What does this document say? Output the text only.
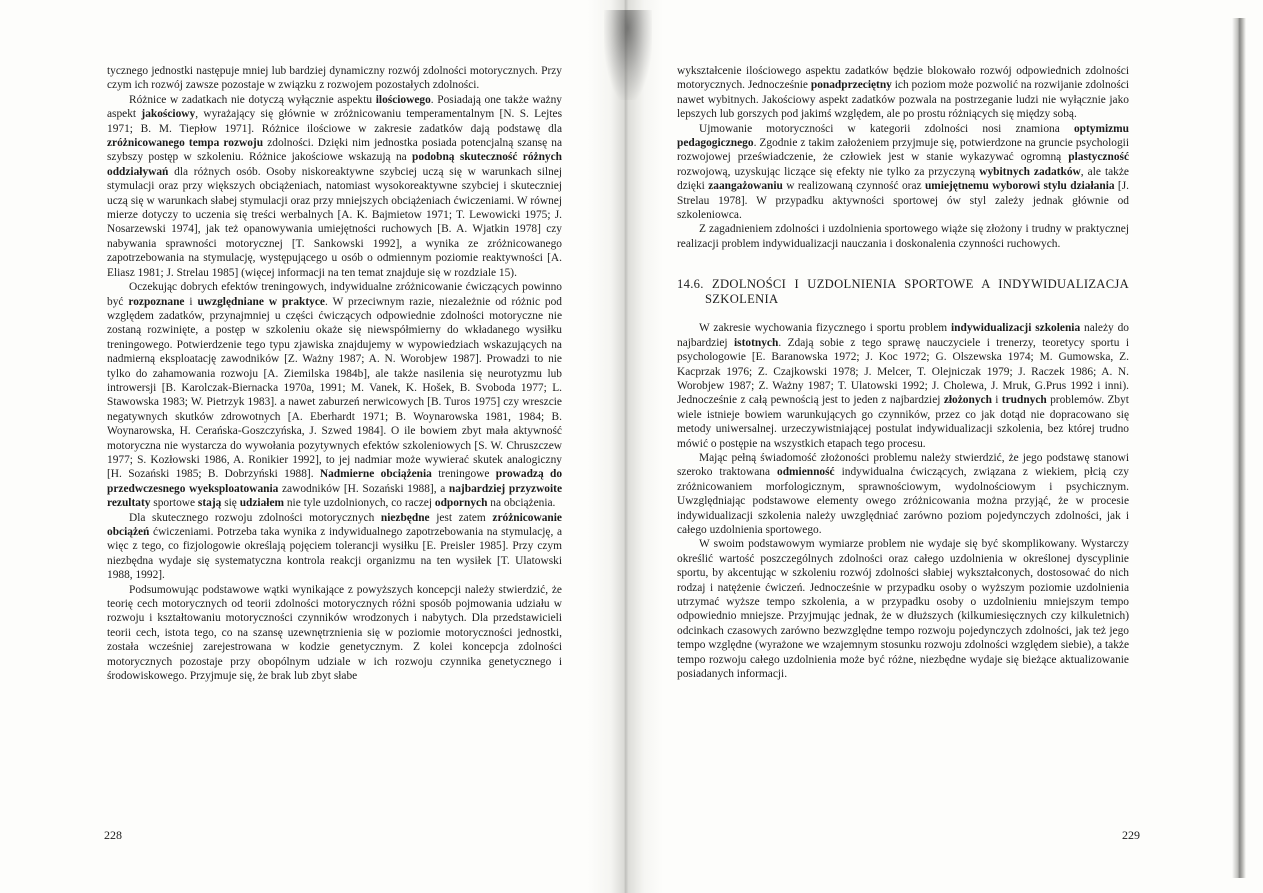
tycznego jednostki następuje mniej lub bardziej dynamiczny rozwój zdolności motorycznych. Przy czym ich rozwój zawsze pozostaje w związku z rozwojem pozostałych zdolności.

Różnice w zadatkach nie dotyczą wyłącznie aspektu ilościowego. Posiadają one także ważny aspekt jakościowy, wyrażający się głównie w zróżnicowaniu temperamentalnym [N. S. Lejtes 1971; B. M. Tiepłow 1971]. Różnice ilościowe w zakresie zadatków dają podstawę dla zróżnicowanego tempa rozwoju zdolności. Dzięki nim jednostka posiada potencjalną szansę na szybszy postęp w szkoleniu. Różnice jakościowe wskazują na podobną skuteczność różnych oddziaływań dla różnych osób. Osoby niskoreaktywne szybciej uczą się w warunkach silnej stymulacji oraz przy większych obciążeniach, natomiast wysokoreaktywne szybciej i skuteczniej uczą się w warunkach słabej stymulacji oraz przy mniejszych obciążeniach ćwiczeniami. W równej mierze dotyczy to uczenia się treści werbalnych [A. K. Bajmietow 1971; T. Lewowicki 1975; J. Nosarzewski 1974], jak też opanowywania umiejętności ruchowych [B. A. Wjatkin 1978] czy nabywania sprawności motorycznej [T. Sankowski 1992], a wynika ze zróżnicowanego zapotrzebowania na stymulację, występującego u osób o odmiennym poziomie reaktywności [A. Eliasz 1981; J. Strelau 1985] (więcej informacji na ten temat znajduje się w rozdziale 15).

Oczekując dobrych efektów treningowych, indywidualne zróżnicowanie ćwiczących powinno być rozpoznane i uwzględniane w praktyce. W przeciwnym razie, niezależnie od różnic pod względem zadatków, przynajmniej u części ćwiczących odpowiednie zdolności motoryczne nie zostaną rozwinięte, a postęp w szkoleniu okaże się niewspółmierny do wkładanego wysiłku treningowego. Potwierdzenie tego typu zjawiska znajdujemy w wypowiedziach wskazujących na nadmierną eksploatację zawodników [Z. Ważny 1987; A. N. Worobjew 1987]. Prowadzi to nie tylko do zahamowania rozwoju [A. Ziemilska 1984b], ale także nasilenia się neurotyzmu lub introwersji [B. Karolczak-Biernacka 1970a, 1991; M. Vanek, K. Hošek, B. Svoboda 1977; L. Stawowska 1983; W. Pietrzyk 1983]. a nawet zaburzeń nerwicowych [B. Turos 1975] czy wreszcie negatywnych skutków zdrowotnych [A. Eberhardt 1971; B. Woynarowska 1981, 1984; B. Woynarowska, H. Cerańska-Goszczyńska, J. Szwed 1984]. O ile bowiem zbyt mała aktywność motoryczna nie wystarcza do wywołania pozytywnych efektów szkoleniowych [S. W. Chruszczew 1977; S. Kozłowski 1986, A. Ronikier 1992], to jej nadmiar może wywierać skutek analogiczny [H. Sozański 1985; B. Dobrzyński 1988]. Nadmierne obciążenia treningowe prowadzą do przedwczesnego wyeksploatowania zawodników [H. Sozański 1988], a najbardziej przyzwoite rezultaty sportowe stają się udziałem nie tyle uzdolnionych, co raczej odpornych na obciążenia.

Dla skutecznego rozwoju zdolności motorycznych niezbędne jest zatem zróżnicowanie obciążeń ćwiczeniami. Potrzeba taka wynika z indywidualnego zapotrzebowania na stymulację, a więc z tego, co fizjologowie określają pojęciem tolerancji wysiłku [E. Preisler 1985]. Przy czym niezbędna wydaje się systematyczna kontrola reakcji organizmu na ten wysiłek [T. Ulatowski 1988, 1992].

Podsumowując podstawowe wątki wynikające z powyższych koncepcji należy stwierdzić, że teorię cech motorycznych od teorii zdolności motorycznych różni sposób pojmowania udziału w rozwoju i kształtowaniu motoryczności czynników wrodzonych i nabytych. Dla przedstawicieli teorii cech, istota tego, co na szansę uzewnętrznienia się w poziomie motoryczności jednostki, została wcześniej zarejestrowana w kodzie genetycznym. Z kolei koncepcja zdolności motorycznych pozostaje przy obopólnym udziale w ich rozwoju czynnika genetycznego i środowiskowego. Przyjmuje się, że brak lub zbyt słabe

228

wykształcenie ilościowego aspektu zadatków będzie blokowało rozwój odpowiednich zdolności motorycznych. Jednocześnie ponadprzeciętny ich poziom może pozwolić na rozwijanie zdolności nawet wybitnych. Jakościowy aspekt zadatków pozwala na postrzeganie ludzi nie wyłącznie jako lepszych lub gorszych pod jakimś względem, ale po prostu różniących się między sobą.

Ujmowanie motoryczności w kategorii zdolności nosi znamiona optymizmu pedagogicznego. Zgodnie z takim założeniem przyjmuje się, potwierdzone na gruncie psychologii rozwojowej przeświadczenie, że człowiek jest w stanie wykazywać ogromną plastyczność rozwojową, uzyskując liczące się efekty nie tylko za przyczyną wybitnych zadatków, ale także dzięki zaangażowaniu w realizowaną czynność oraz umiejętnemu wyborowi stylu działania [J. Strelau 1978]. W przypadku aktywności sportowej ów styl zależy jednak głównie od szkoleniowca.

Z zagadnieniem zdolności i uzdolnienia sportowego wiąże się złożony i trudny w praktycznej realizacji problem indywidualizacji nauczania i doskonalenia czynności ruchowych.

14.6. ZDOLNOŚCI I UZDOLNIENIA SPORTOWE A INDYWIDUALIZACJA SZKOLENIA

W zakresie wychowania fizycznego i sportu problem indywidualizacji szkolenia należy do najbardziej istotnych. Zdają sobie z tego sprawę nauczyciele i trenerzy, teoretycy sportu i psychologowie [E. Baranowska 1972; J. Koc 1972; G. Olszewska 1974; M. Gumowska, Z. Kacprzak 1976; Z. Czajkowski 1978; J. Melcer, T. Olejniczak 1979; J. Raczek 1986; A. N. Worobjew 1987; Z. Ważny 1987; T. Ulatowski 1992; J. Cholewa, J. Mruk, G.Prus 1992 i inni). Jednocześnie z całą pewnością jest to jeden z najbardziej złożonych i trudnych problemów. Zbyt wiele istnieje bowiem warunkujących go czynników, przez co jak dotąd nie dopracowano się metody uniwersalnej. urzeczywistniającej postulat indywidualizacji szkolenia, bez której trudno mówić o postępie na wszystkich etapach tego procesu.

Mając pełną świadomość złożoności problemu należy stwierdzić, że jego podstawę stanowi szeroko traktowana odmienność indywidualna ćwiczących, związana z wiekiem, płcią czy zróżnicowaniem morfologicznym, sprawnościowym, wydolnościowym i psychicznym. Uwzględniając podstawowe elementy owego zróżnicowania można przyjąć, że w procesie indywidualizacji szkolenia należy uwzględniać zarówno poziom pojedynczych zdolności, jak i całego uzdolnienia sportowego.

W swoim podstawowym wymiarze problem nie wydaje się być skomplikowany. Wystarczy określić wartość poszczególnych zdolności oraz całego uzdolnienia w określonej dyscyplinie sportu, by akcentując w szkoleniu rozwój zdolności słabiej wykształconych, dostosować do nich rodzaj i natężenie ćwiczeń. Jednocześnie w przypadku osoby o wyższym poziomie uzdolnienia utrzymać wyższe tempo szkolenia, a w przypadku osoby o uzdolnieniu mniejszym tempo odpowiednio mniejsze. Przyjmując jednak, że w dłuższych (kilkumiesięcznych czy kilkuletnich) odcinkach czasowych zarówno bezwzględne tempo rozwoju pojedynczych zdolności, jak też jego tempo względne (wyrażone we wzajemnym stosunku rozwoju zdolności względem siebie), a także tempo rozwoju całego uzdolnienia może być różne, niezbędne wydaje się bieżące aktualizowanie posiadanych informacji.

229
